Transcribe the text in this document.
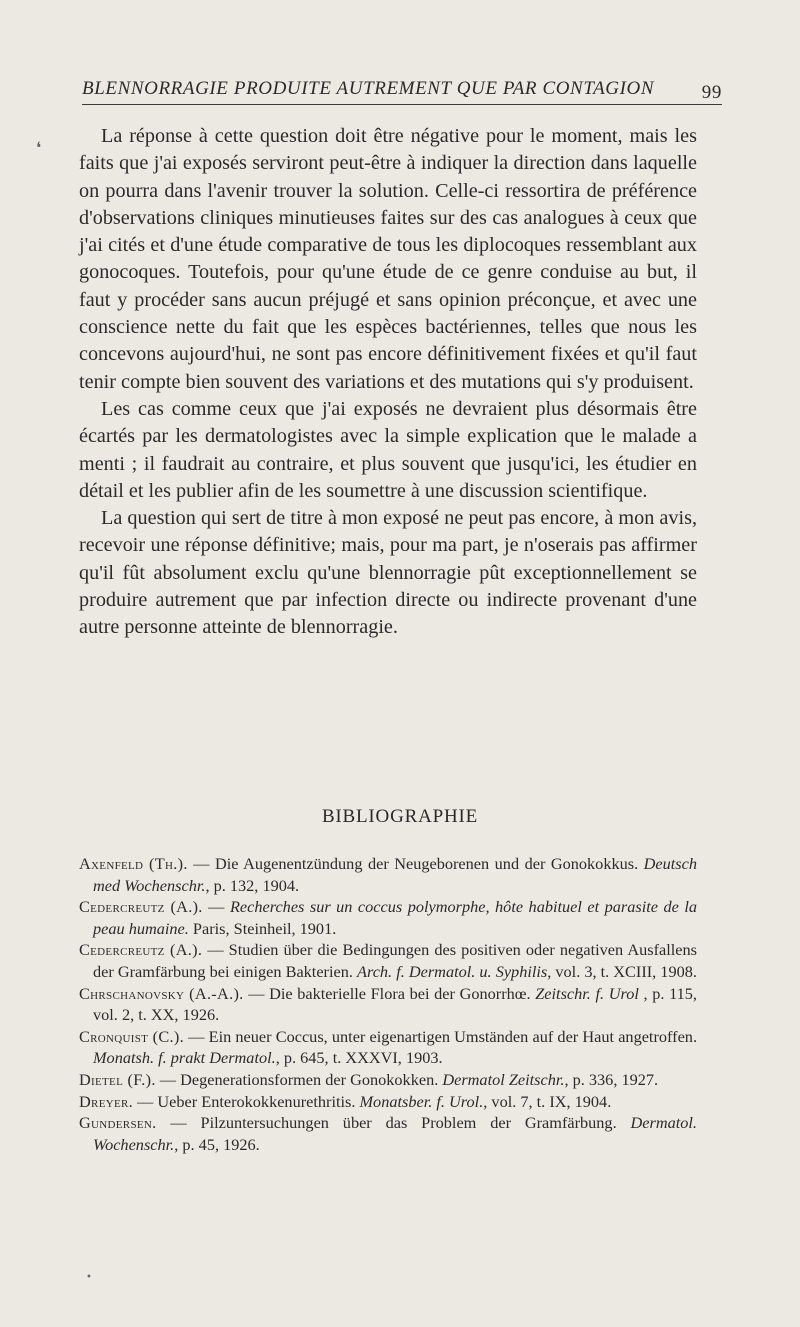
BLENNORRAGIE PRODUITE AUTREMENT QUE PAR CONTAGION	99
❛

La réponse à cette question doit être négative pour le moment, mais les faits que j'ai exposés serviront peut-être à indiquer la direction dans laquelle on pourra dans l'avenir trouver la solution. Celle-ci ressortira de préférence d'observations cliniques minutieuses faites sur des cas analogues à ceux que j'ai cités et d'une étude comparative de tous les diplocoques ressemblant aux gonocoques. Toutefois, pour qu'une étude de ce genre conduise au but, il faut y procéder sans aucun préjugé et sans opinion préconçue, et avec une conscience nette du fait que les espèces bactériennes, telles que nous les concevons aujourd'hui, ne sont pas encore définitivement fixées et qu'il faut tenir compte bien souvent des variations et des mutations qui s'y produisent.

Les cas comme ceux que j'ai exposés ne devraient plus désormais être écartés par les dermatologistes avec la simple explication que le malade a menti ; il faudrait au contraire, et plus souvent que jusqu'ici, les étudier en détail et les publier afin de les soumettre à une discussion scientifique.

La question qui sert de titre à mon exposé ne peut pas encore, à mon avis, recevoir une réponse définitive; mais, pour ma part, je n'oserais pas affirmer qu'il fût absolument exclu qu'une blennorragie pût exceptionnellement se produire autrement que par infection directe ou indirecte provenant d'une autre personne atteinte de blennorragie.

BIBLIOGRAPHIE

Axenfeld (Th.). — Die Augenentzündung der Neugeborenen und der Gonokokkus. Deutsch med Wochenschr., p. 132, 1904.

Cedercreutz (A.). — Recherches sur un coccus polymorphe, hôte habituel et parasite de la peau humaine. Paris, Steinheil, 1901.

Cedercreutz (A.). — Studien über die Bedingungen des positiven oder negativen Ausfallens der Gramfärbung bei einigen Bakterien. Arch. f. Dermatol. u. Syphilis, vol. 3, t. XCIII, 1908.

Chrschanovsky (A.-A.). — Die bakterielle Flora bei der Gonorrhœ. Zeitschr. f. Urol , p. 115, vol. 2, t. XX, 1926.

Cronquist (C.). — Ein neuer Coccus, unter eigenartigen Umständen auf der Haut angetroffen. Monatsh. f. prakt Dermatol., p. 645, t. XXXVI, 1903.

Dietel (F.). — Degenerationsformen der Gonokokken. Dermatol Zeitschr., p. 336, 1927.

Dreyer. — Ueber Enterokokkenurethritis. Monatsber. f. Urol., vol. 7, t. IX, 1904.

Gundersen. — Pilzuntersuchungen über das Problem der Gramfärbung. Dermatol. Wochenschr., p. 45, 1926.

•
